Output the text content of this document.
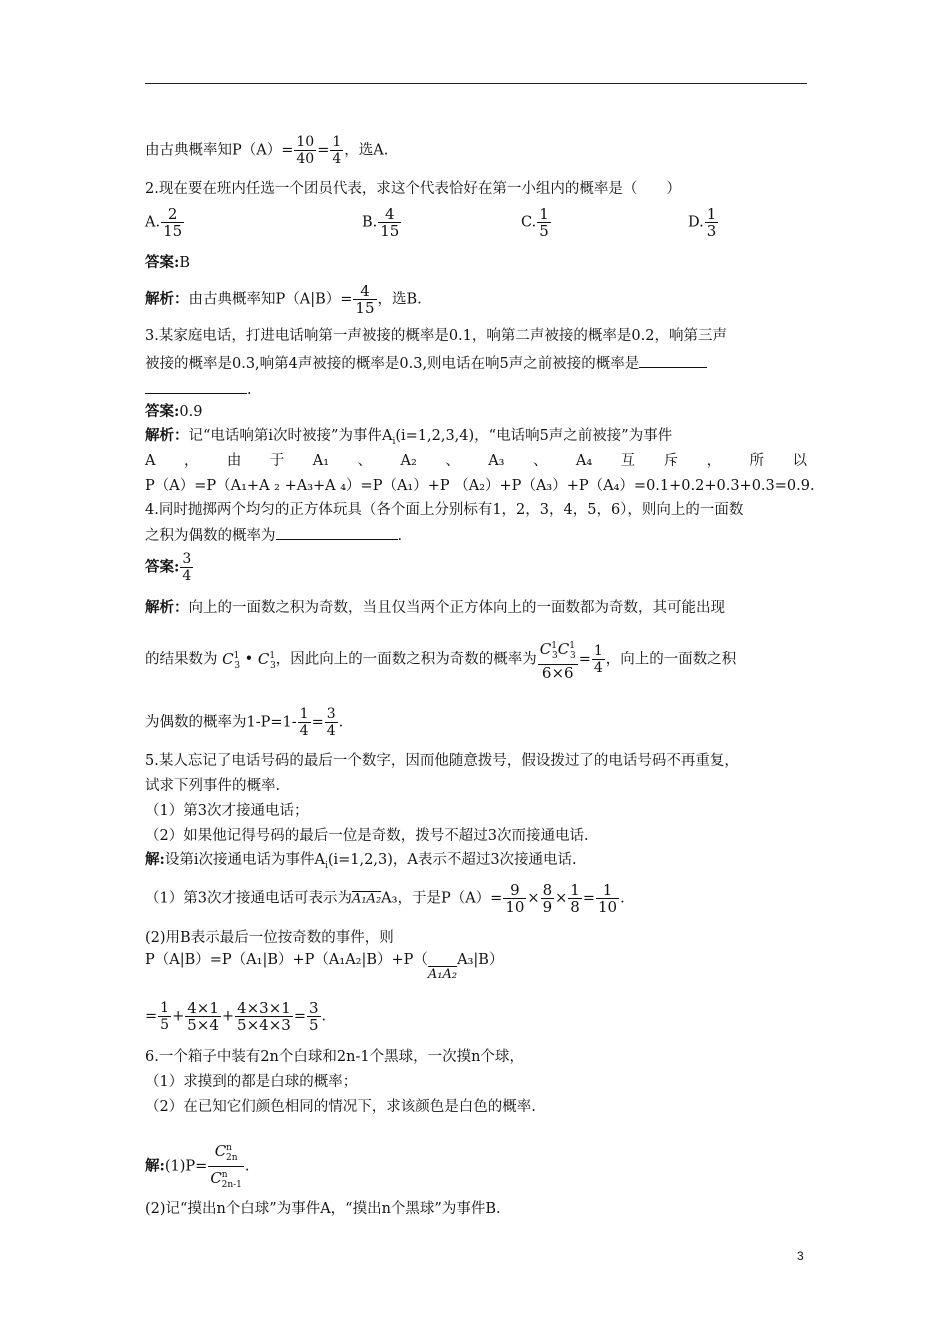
由古典概率知$P(A)= \frac{10}{40} = \frac{1}{4}$ ，选A.
2.现在要在班内任选一个团员代表，求这个代表恰好在第一小组内的概率是（　　）
A. $\frac{2}{15}$	B. $\frac{4}{15}$	C. $\frac{1}{5}$	D. $\frac{1}{3}$
答案:B
解析：由古典概率知$P(A|B)= \frac{4}{15}$ ，选B.
3.某家庭电话，打进电话响第一声被接的概率是0.1，响第二声被接的概率是0.2，响第三声
被接的概率是0.3,响第4声被接的概率是0.3,则电话在响5声之前被接的概率是
.
答案:0.9
解析：记“电话响第i次时被接”为事件$A_i(i=1,2,3,4)$，“电话响5声之前被接”为事件
A ， 由 于 A₁ 、 A₂ 、 A₃ 、 A₄ 互 斥 ， 所 以
P（A）=P（A₁+A ₂ +A₃+A ₄）=P（A₁）+P （A₂）+P（A₃）+P（A₄）=0.1+0.2+0.3+0.3=0.9.
4.同时抛掷两个均匀的正方体玩具（各个面上分别标有1，2，3，4，5，6），则向上的一面数
之积为偶数的概率为	.
答案: $\frac{3}{4}$
解析：向上的一面数之积为奇数，当且仅当两个正方体向上的一面数都为奇数，其可能出现
的结果数为 $C^1_3$ • $C^1_3$，因此向上的一面数之积为奇数的概率为 $\frac{C^1_3C^1_3}{6\times 6} = \frac{1}{4}$ ，向上的一面数之积
为偶数的概率为$1-P=1- \frac{1}{4} = \frac{3}{4}$ .
5.某人忘记了电话号码的最后一个数字，因而他随意拨号，假设拨过了的电话号码不再重复，
试求下列事件的概率.
（1）第3次才接通电话；
（2）如果他记得号码的最后一位是奇数，拨号不超过3次而接通电话.
解:设第i次接通电话为事件$A_i(i=1,2,3)$，A表示不超过3次接通电话.
（1）第3次才接通电话可表示为A₁A₂A₃，于是$P(A)= \frac{9}{10} \times \frac{8}{9} \times \frac{1}{8} = \frac{1}{10}$ .
(2)用B表示最后一位按奇数的事件，则
P（A|B）=P（A₁|B）+P（A₁A₂|B）+P（A₁A₂A₃|B）
= $\frac{1}{5} + \frac{4\times 1}{5\times 4} + \frac{4\times 3\times 1}{5\times 4\times 3} = \frac{3}{5}$ .
6.一个箱子中装有2n个白球和2n-1个黑球，一次摸n个球，
（1）求摸到的都是白球的概率；
（2）在已知它们颜色相同的情况下，求该颜色是白色的概率.
解:(1)P= $\frac{C^n_{2n}}{C^n_{2n-1}}$ .
(2)记“摸出n个白球”为事件A，“摸出n个黑球”为事件B.
3
